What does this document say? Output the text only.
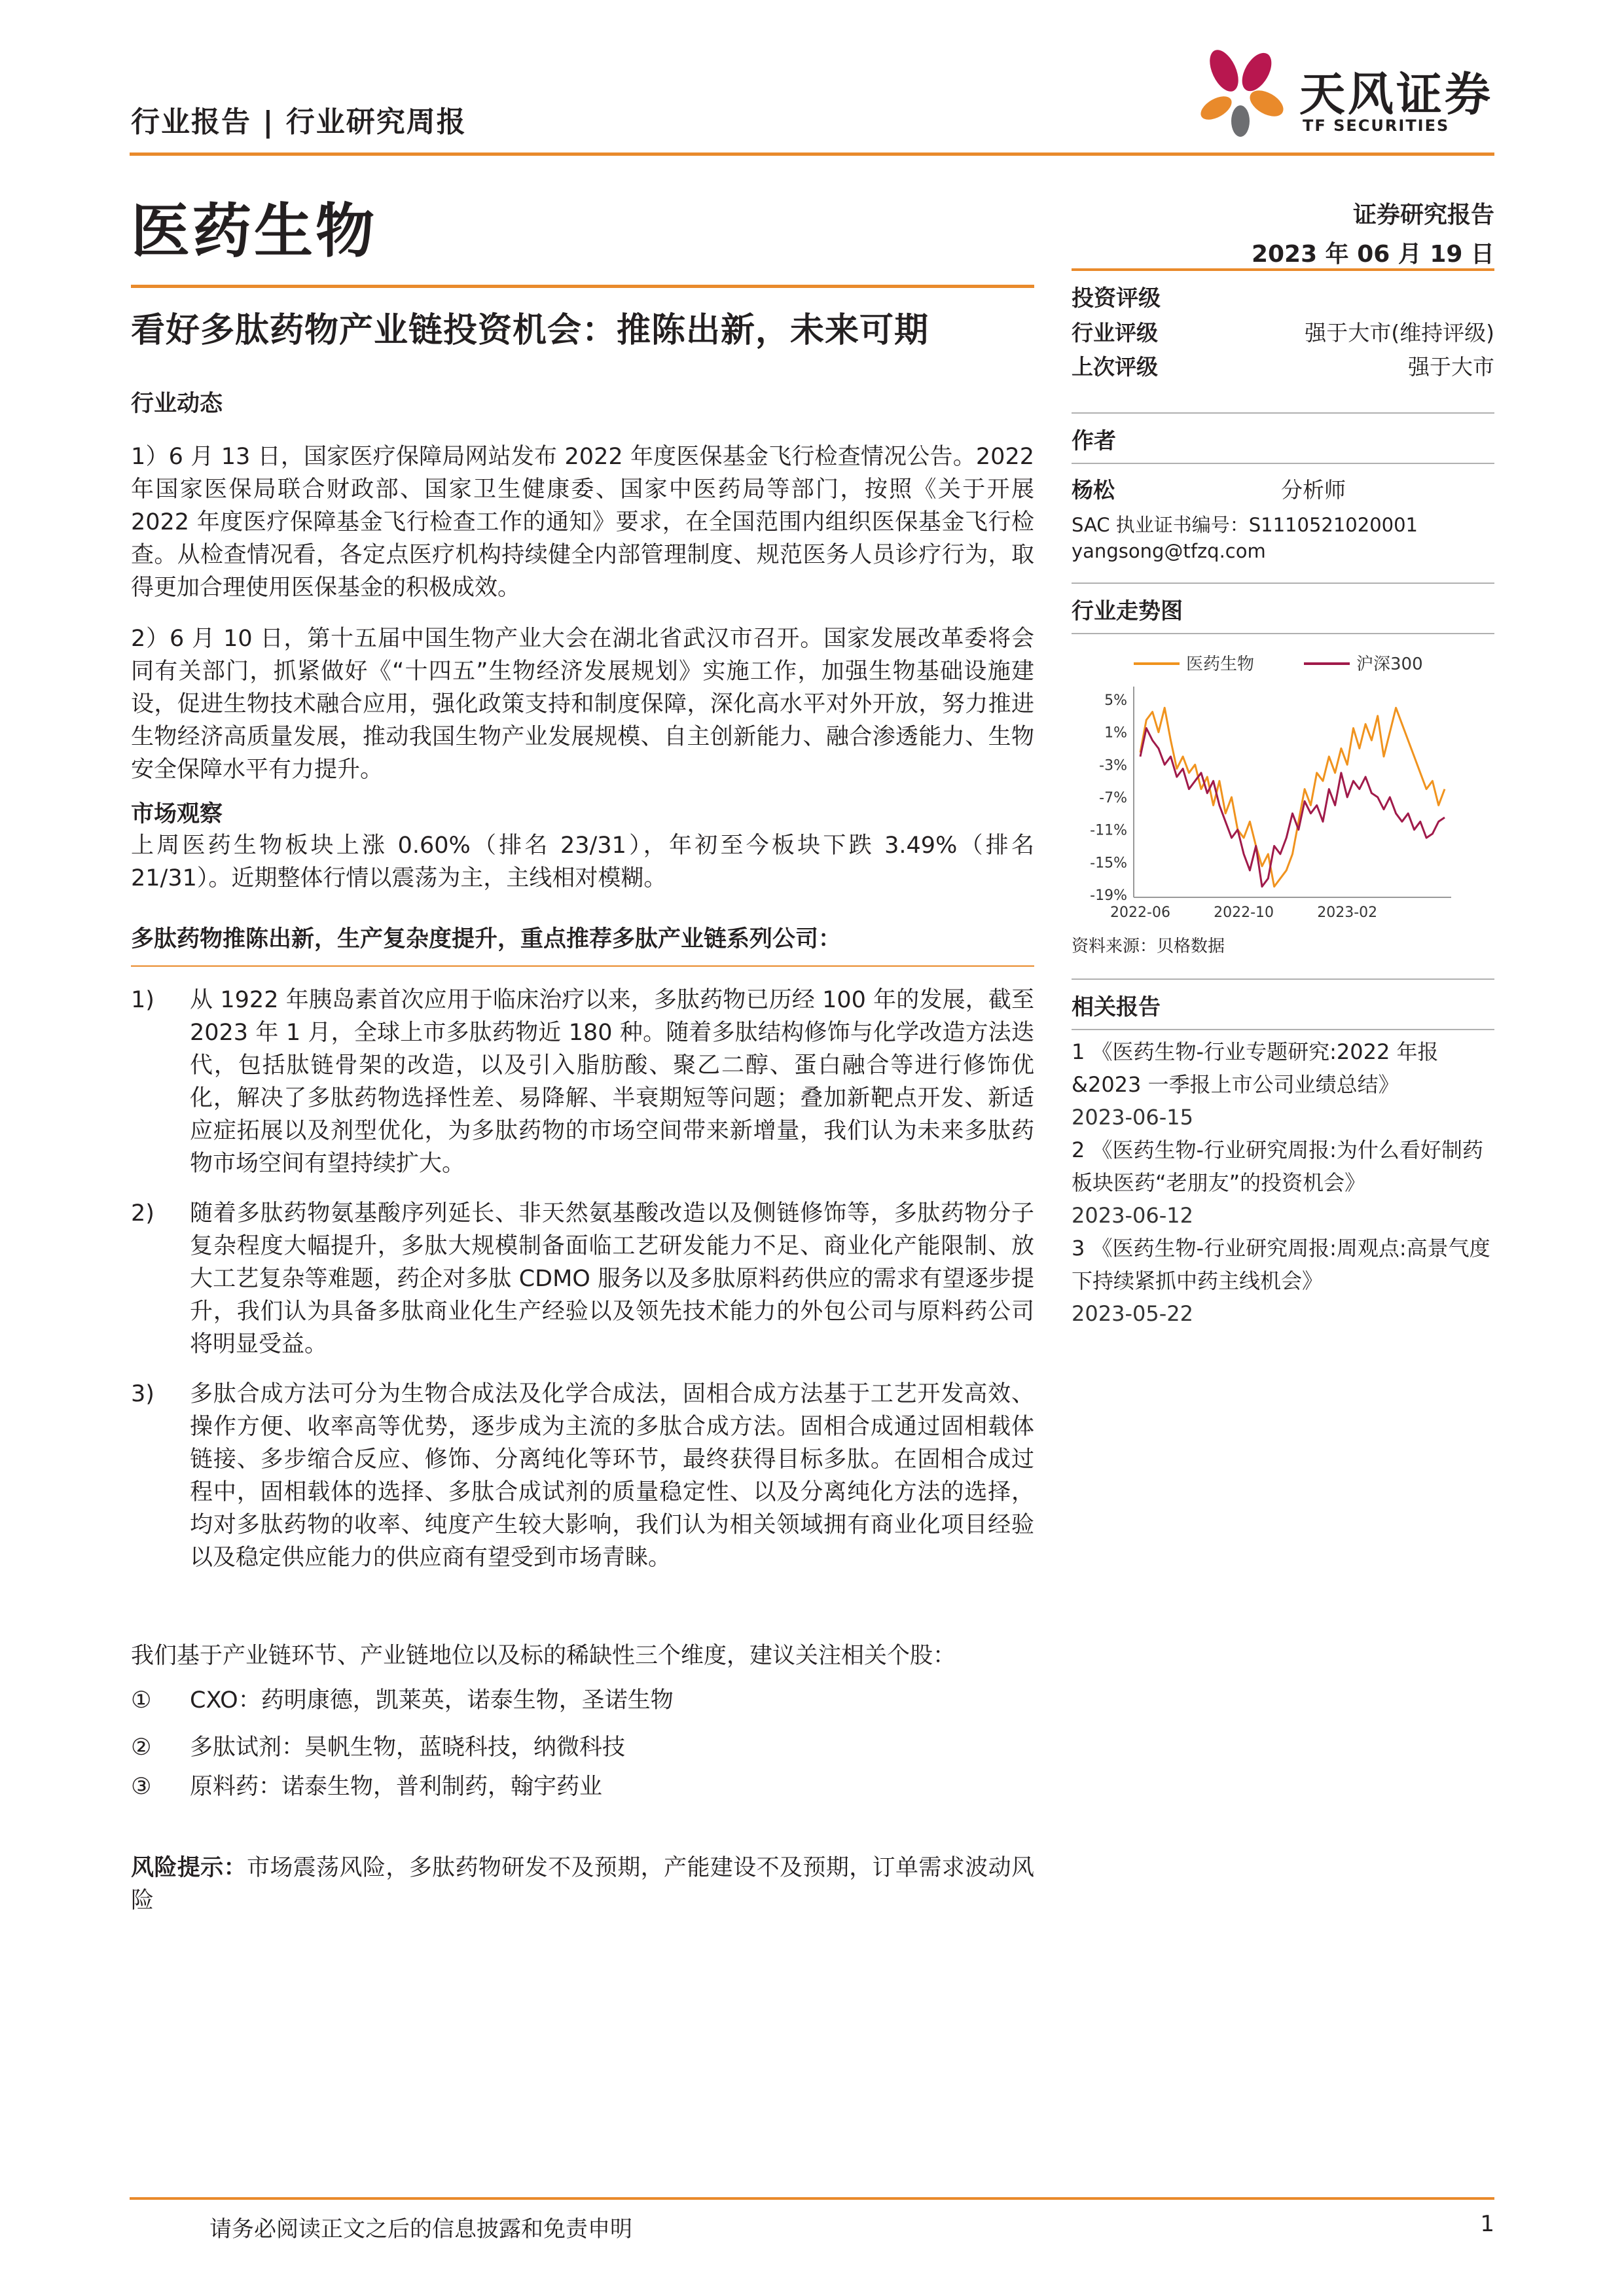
行业报告 | 行业研究周报
天风证券
TF SECURITIES
医药生物	证券研究报告
2023 年 06 月 19 日
看好多肽药物产业链投资机会：推陈出新，未来可期
行业动态
1）6 月 13 日，国家医疗保障局网站发布 2022 年度医保基金飞行检查情况公告。2022 年国家医保局联合财政部、国家卫生健康委、国家中医药局等部门，按照《关于开展 2022 年度医疗保障基金飞行检查工作的通知》要求，在全国范围内组织医保基金飞行检查。从检查情况看，各定点医疗机构持续健全内部管理制度、规范医务人员诊疗行为，取得更加合理使用医保基金的积极成效。
2）6 月 10 日，第十五届中国生物产业大会在湖北省武汉市召开。国家发展改革委将会同有关部门，抓紧做好《“十四五”生物经济发展规划》实施工作，加强生物基础设施建设，促进生物技术融合应用，强化政策支持和制度保障，深化高水平对外开放，努力推进生物经济高质量发展，推动我国生物产业发展规模、自主创新能力、融合渗透能力、生物安全保障水平有力提升。
市场观察
上周医药生物板块上涨 0.60%（排名 23/31），年初至今板块下跌 3.49%（排名 21/31）。近期整体行情以震荡为主，主线相对模糊。
多肽药物推陈出新，生产复杂度提升，重点推荐多肽产业链系列公司：
1)	从 1922 年胰岛素首次应用于临床治疗以来，多肽药物已历经 100 年的发展，截至 2023 年 1 月，全球上市多肽药物近 180 种。随着多肽结构修饰与化学改造方法迭代，包括肽链骨架的改造，以及引入脂肪酸、聚乙二醇、蛋白融合等进行修饰优化，解决了多肽药物选择性差、易降解、半衰期短等问题；叠加新靶点开发、新适应症拓展以及剂型优化，为多肽药物的市场空间带来新增量，我们认为未来多肽药物市场空间有望持续扩大。
2)	随着多肽药物氨基酸序列延长、非天然氨基酸改造以及侧链修饰等，多肽药物分子复杂程度大幅提升，多肽大规模制备面临工艺研发能力不足、商业化产能限制、放大工艺复杂等难题，药企对多肽 CDMO 服务以及多肽原料药供应的需求有望逐步提升，我们认为具备多肽商业化生产经验以及领先技术能力的外包公司与原料药公司将明显受益。
3)	多肽合成方法可分为生物合成法及化学合成法，固相合成方法基于工艺开发高效、操作方便、收率高等优势，逐步成为主流的多肽合成方法。固相合成通过固相载体链接、多步缩合反应、修饰、分离纯化等环节，最终获得目标多肽。在固相合成过程中，固相载体的选择、多肽合成试剂的质量稳定性、以及分离纯化方法的选择，均对多肽药物的收率、纯度产生较大影响，我们认为相关领域拥有商业化项目经验以及稳定供应能力的供应商有望受到市场青睐。
我们基于产业链环节、产业链地位以及标的稀缺性三个维度，建议关注相关个股：
①	CXO：药明康德，凯莱英，诺泰生物，圣诺生物
②	多肽试剂：昊帆生物，蓝晓科技，纳微科技
③	原料药：诺泰生物，普利制药，翰宇药业
风险提示：市场震荡风险，多肽药物研发不及预期，产能建设不及预期，订单需求波动风险
投资评级
行业评级	强于大市(维持评级)
上次评级	强于大市
作者
杨松	分析师
SAC 执业证书编号：S1110521020001
yangsong@tfzq.com
行业走势图
医药生物	沪深300
5%
1%
-3%
-7%
-11%
-15%
-19%
2022-06	2022-10	2023-02
资料来源：贝格数据
相关报告
1 《医药生物-行业专题研究:2022 年报&2023 一季报上市公司业绩总结》
2023-06-15
2 《医药生物-行业研究周报:为什么看好制药板块医药“老朋友”的投资机会》
2023-06-12
3 《医药生物-行业研究周报:周观点:高景气度下持续紧抓中药主线机会》
2023-05-22
请务必阅读正文之后的信息披露和免责申明	1
